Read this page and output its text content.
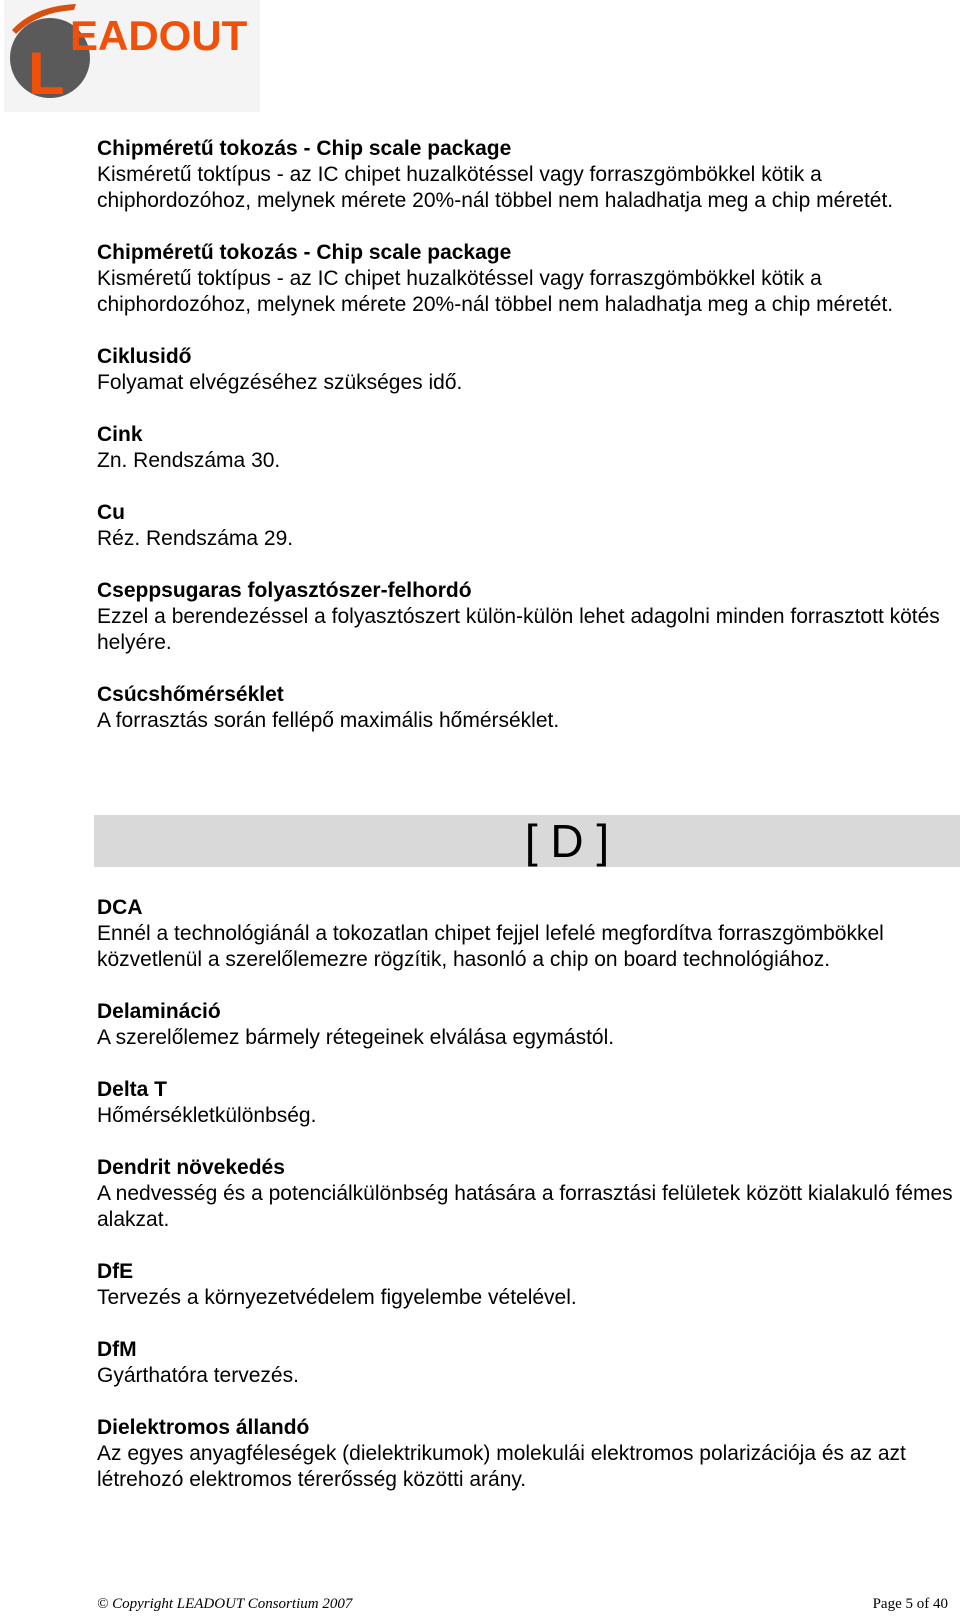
L
EADOUT
Chipméretű tokozás - Chip scale package
Kisméretű toktípus - az IC chipet huzalkötéssel vagy forraszgömbökkel kötik a chiphordozóhoz, melynek mérete 20%-nál többel nem haladhatja meg a chip méretét.
Chipméretű tokozás - Chip scale package
Kisméretű toktípus - az IC chipet huzalkötéssel vagy forraszgömbökkel kötik a chiphordozóhoz, melynek mérete 20%-nál többel nem haladhatja meg a chip méretét.
Ciklusidő
Folyamat elvégzéséhez szükséges idő.
Cink
Zn. Rendszáma 30.
Cu
Réz. Rendszáma 29.
Cseppsugaras folyasztószer-felhordó
Ezzel a berendezéssel a folyasztószert külön-külön lehet adagolni minden forrasztott kötés helyére.
Csúcshőmérséklet
A forrasztás során fellépő maximális hőmérséklet.
[ D ]
DCA
Ennél a technológiánál a tokozatlan chipet fejjel lefelé megfordítva forraszgömbökkel közvetlenül a szerelőlemezre rögzítik, hasonló a chip on board technológiához.
Delamináció
A szerelőlemez bármely rétegeinek elválása egymástól.
Delta T
Hőmérsékletkülönbség.
Dendrit növekedés
A nedvesség és a potenciálkülönbség hatására a forrasztási felületek között kialakuló fémes alakzat.
DfE
Tervezés a környezetvédelem figyelembe vételével.
DfM
Gyárthatóra tervezés.
Dielektromos állandó
Az egyes anyagféleségek (dielektrikumok) molekulái elektromos polarizációja és az azt létrehozó elektromos térerősség közötti arány.
© Copyright LEADOUT Consortium 2007	Page 5 of 40
